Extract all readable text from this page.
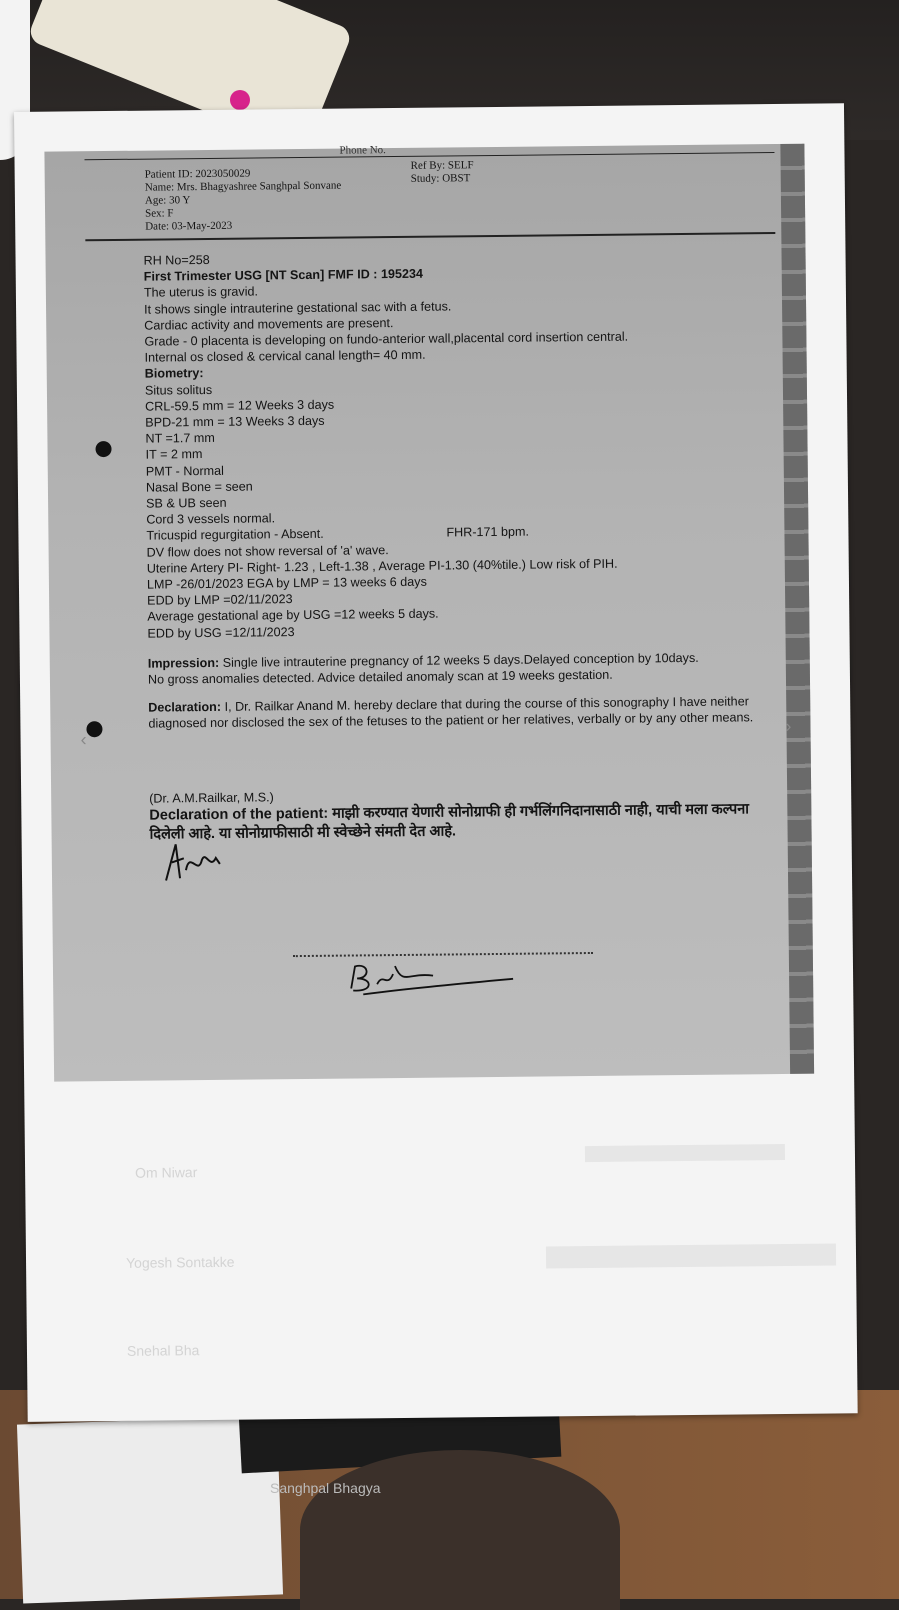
Phone No.
Patient ID: 2023050029
Name: Mrs. Bhagyashree Sanghpal Sonvane
Age: 30 Y
Sex: F
Date: 03-May-2023
Ref By: SELF
Study: OBST
RH No=258
First Trimester USG [NT Scan] FMF ID : 195234
The uterus is gravid.
It shows single intrauterine gestational sac with a fetus.
Cardiac activity and movements are present.
Grade - 0 placenta is developing on fundo-anterior wall,placental cord insertion central.
Internal os closed & cervical canal length= 40 mm.
Biometry:
Situs solitus
CRL-59.5 mm = 12 Weeks 3 days
BPD-21 mm = 13 Weeks 3 days
NT =1.7 mm
IT = 2 mm
PMT - Normal
Nasal Bone = seen
SB & UB seen
Cord 3 vessels normal.
Tricuspid regurgitation - Absent.	FHR-171 bpm.
DV flow does not show reversal of 'a' wave.
Uterine Artery PI- Right- 1.23 , Left-1.38 , Average PI-1.30 (40%tile.) Low risk of PIH.
LMP -26/01/2023 EGA by LMP = 13 weeks 6 days
EDD by LMP =02/11/2023
Average gestational age by USG =12 weeks 5 days.
EDD by USG =12/11/2023
Impression: Single live intrauterine pregnancy of 12 weeks 5 days.Delayed conception by 10days.
No gross anomalies detected. Advice detailed anomaly scan at 19 weeks gestation.
Declaration: I, Dr. Railkar Anand M. hereby declare that during the course of this sonography I have neither diagnosed nor disclosed the sex of the fetuses to the patient or her relatives, verbally or by any other means.
(Dr. A.M.Railkar, M.S.)
Declaration of the patient: माझी करण्यात येणारी सोनोग्राफी ही गर्भलिंगनिदानासाठी नाही, याची मला कल्पना दिलेली आहे. या सोनोग्राफीसाठी मी स्वेच्छेने संमती देत आहे.
‹
›
Om Niwar
Yogesh Sontakke
Snehal Bha
Sanghpal Bhagya
